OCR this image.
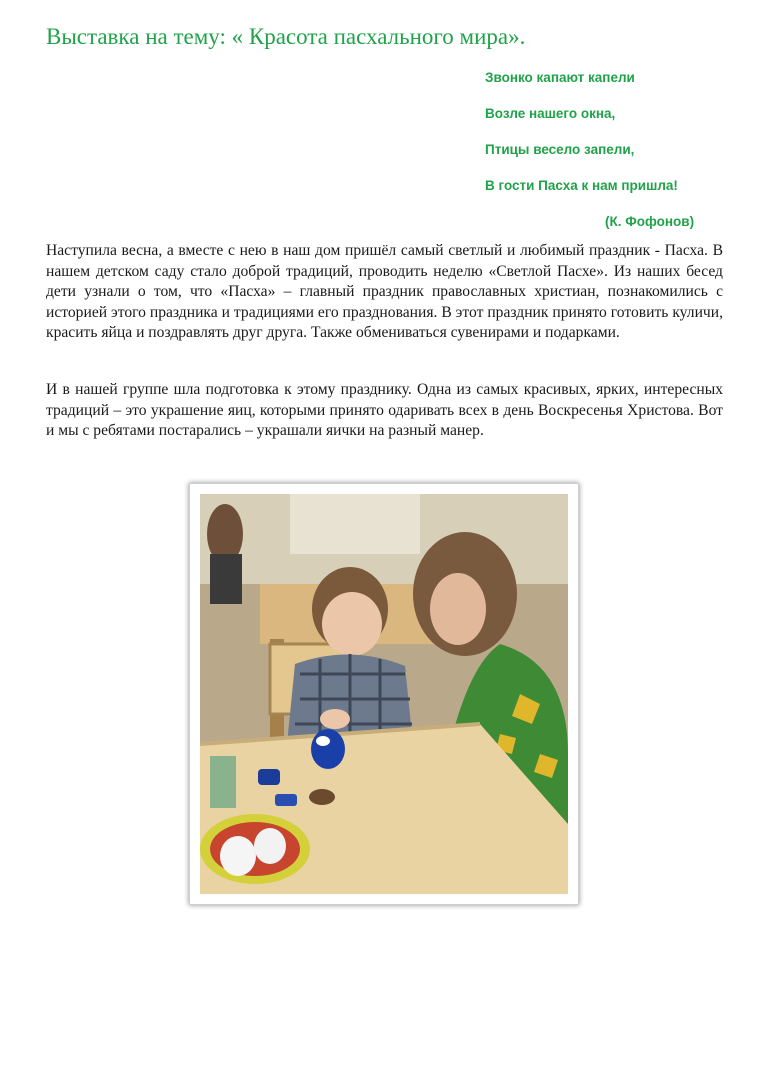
Выставка на тему: « Красота пасхального мира».
Звонко капают капели
Возле нашего окна,
Птицы весело запели,
В гости Пасха к нам пришла!
(К. Фофонов)
Наступила весна, а вместе с нею в наш дом пришёл самый светлый и любимый праздник - Пасха. В нашем детском саду стало доброй традиций, проводить неделю «Светлой Пасхе». Из наших бесед дети узнали о том, что «Пасха» – главный праздник православных христиан, познакомились с историей этого праздника и традициями его празднования. В этот праздник принято готовить куличи, красить яйца и поздравлять друг друга. Также обмениваться сувенирами и подарками.
И в нашей группе шла подготовка к этому празднику. Одна из самых красивых, ярких, интересных традиций – это украшение яиц, которыми принято одаривать всех в день Воскресенья Христова. Вот и мы с ребятами постарались – украшали яички на разный манер.
